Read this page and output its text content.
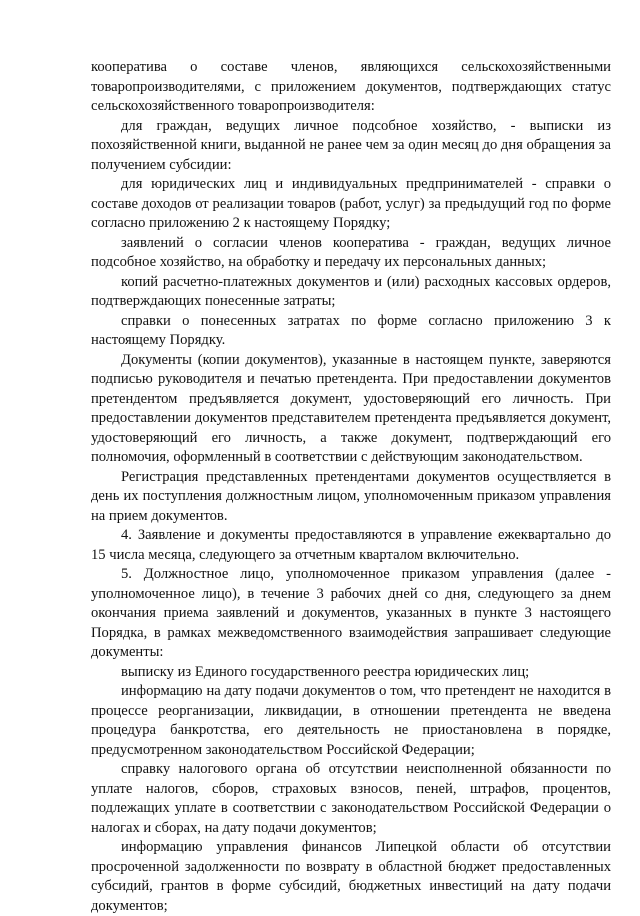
кооператива о составе членов, являющихся сельскохозяйственными товаропроизводителями, с приложением документов, подтверждающих статус сельскохозяйственного товаропроизводителя:

для граждан, ведущих личное подсобное хозяйство, - выписки из похозяйственной книги, выданной не ранее чем за один месяц до дня обращения за получением субсидии:

для юридических лиц и индивидуальных предпринимателей - справки о составе доходов от реализации товаров (работ, услуг) за предыдущий год по форме согласно приложению 2 к настоящему Порядку;

заявлений о согласии членов кооператива - граждан, ведущих личное подсобное хозяйство, на обработку и передачу их персональных данных;

копий расчетно-платежных документов и (или) расходных кассовых ордеров, подтверждающих понесенные затраты;

справки о понесенных затратах по форме согласно приложению 3 к настоящему Порядку.

Документы (копии документов), указанные в настоящем пункте, заверяются подписью руководителя и печатью претендента. При предоставлении документов претендентом предъявляется документ, удостоверяющий его личность. При предоставлении документов представителем претендента предъявляется документ, удостоверяющий его личность, а также документ, подтверждающий его полномочия, оформленный в соответствии с действующим законодательством.

Регистрация представленных претендентами документов осуществляется в день их поступления должностным лицом, уполномоченным приказом управления на прием документов.

4. Заявление и документы предоставляются в управление ежеквартально до 15 числа месяца, следующего за отчетным кварталом включительно.

5. Должностное лицо, уполномоченное приказом управления (далее - уполномоченное лицо), в течение 3 рабочих дней со дня, следующего за днем окончания приема заявлений и документов, указанных в пункте 3 настоящего Порядка, в рамках межведомственного взаимодействия запрашивает следующие документы:

выписку из Единого государственного реестра юридических лиц;

информацию на дату подачи документов о том, что претендент не находится в процессе реорганизации, ликвидации, в отношении претендента не введена процедура банкротства, его деятельность не приостановлена в порядке, предусмотренном законодательством Российской Федерации;

справку налогового органа об отсутствии неисполненной обязанности по уплате налогов, сборов, страховых взносов, пеней, штрафов, процентов, подлежащих уплате в соответствии с законодательством Российской Федерации о налогах и сборах, на дату подачи документов;

информацию управления финансов Липецкой области об отсутствии просроченной задолженности по возврату в областной бюджет предоставленных субсидий, грантов в форме субсидий, бюджетных инвестиций на дату подачи документов;
